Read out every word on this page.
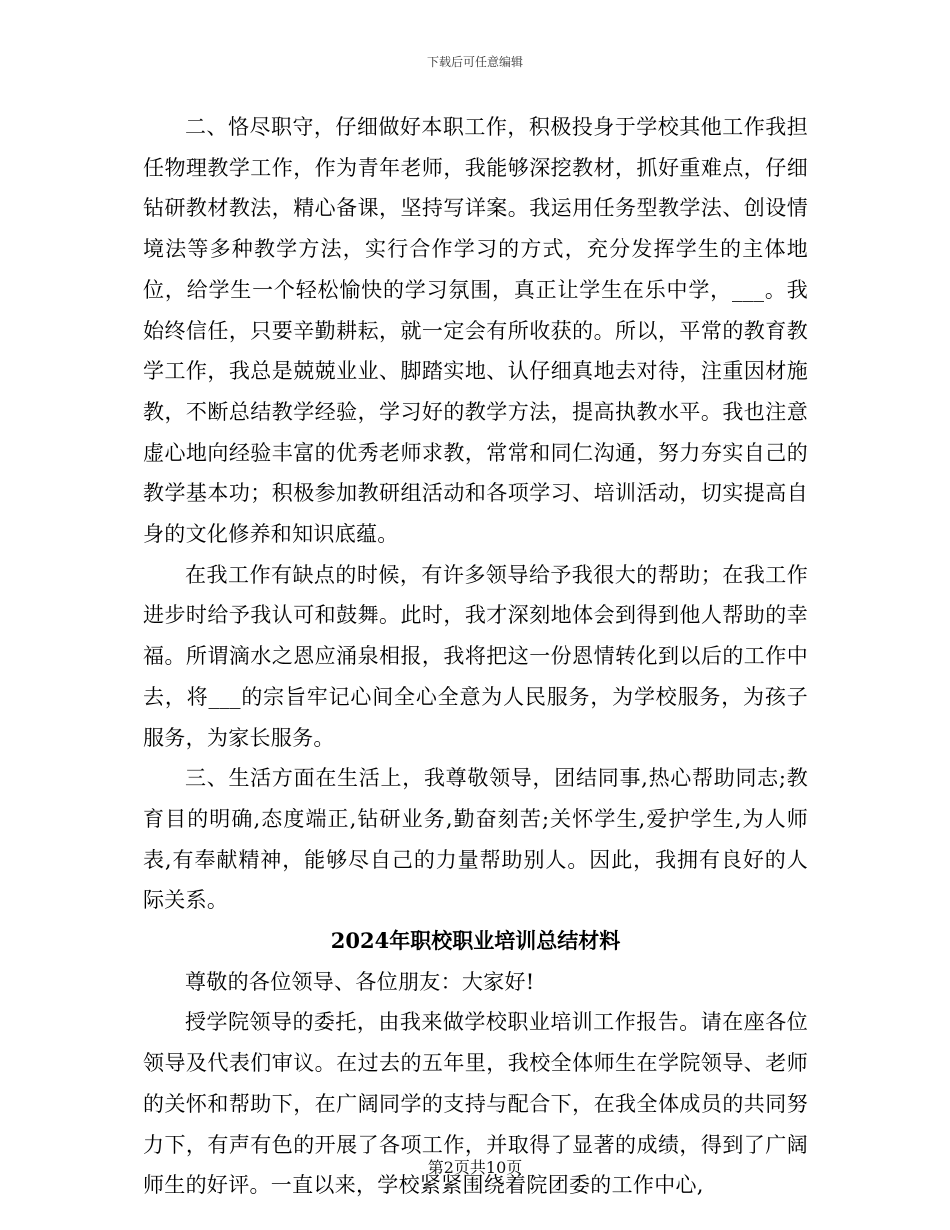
下载后可任意编辑

二、恪尽职守，仔细做好本职工作，积极投身于学校其他工作我担任物理教学工作，作为青年老师，我能够深挖教材，抓好重难点，仔细钻研教材教法，精心备课，坚持写详案。我运用任务型教学法、创设情境法等多种教学方法，实行合作学习的方式，充分发挥学生的主体地位，给学生一个轻松愉快的学习氛围，真正让学生在乐中学，___。我始终信任，只要辛勤耕耘，就一定会有所收获的。所以，平常的教育教学工作，我总是兢兢业业、脚踏实地、认仔细真地去对待，注重因材施教，不断总结教学经验，学习好的教学方法，提高执教水平。我也注意虚心地向经验丰富的优秀老师求教，常常和同仁沟通，努力夯实自己的教学基本功；积极参加教研组活动和各项学习、培训活动，切实提高自身的文化修养和知识底蕴。

在我工作有缺点的时候，有许多领导给予我很大的帮助；在我工作进步时给予我认可和鼓舞。此时，我才深刻地体会到得到他人帮助的幸福。所谓滴水之恩应涌泉相报，我将把这一份恩情转化到以后的工作中去，将___的宗旨牢记心间全心全意为人民服务，为学校服务，为孩子服务，为家长服务。

三、生活方面在生活上，我尊敬领导，团结同事,热心帮助同志;教育目的明确,态度端正,钻研业务,勤奋刻苦;关怀学生,爱护学生,为人师表,有奉献精神，能够尽自己的力量帮助别人。因此，我拥有良好的人际关系。

2024年职校职业培训总结材料

尊敬的各位领导、各位朋友：大家好!

授学院领导的委托，由我来做学校职业培训工作报告。请在座各位领导及代表们审议。在过去的五年里，我校全体师生在学院领导、老师的关怀和帮助下，在广阔同学的支持与配合下，在我全体成员的共同努力下，有声有色的开展了各项工作，并取得了显著的成绩，得到了广阔师生的好评。一直以来，学校紧紧围绕着院团委的工作中心,

第2页共10页
